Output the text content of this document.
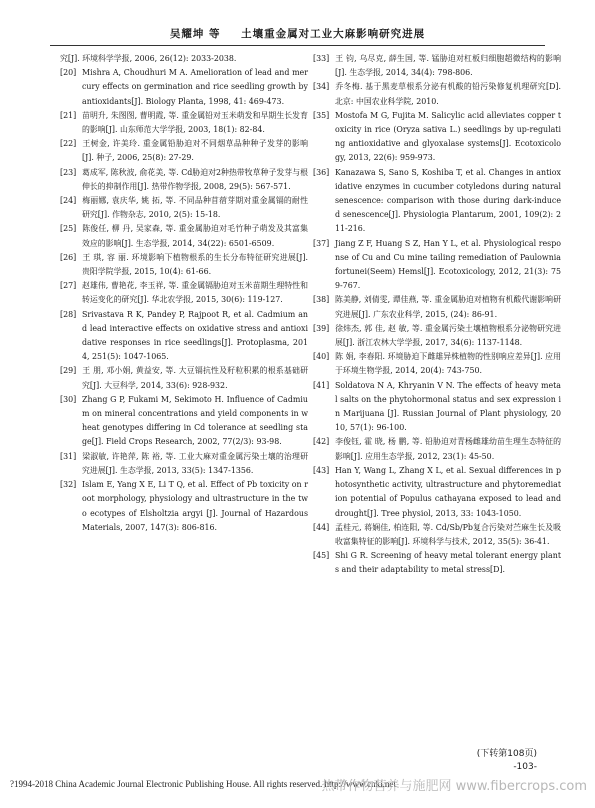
吴耀坤 等 土壤重金属对工业大麻影响研究进展
究[J]. 环境科学学报, 2006, 26(12): 2033-2038.
[20] Mishra A, Choudhuri M A. Amelioration of lead and mercury effects on germination and rice seedling growth by antioxidants[J]. Biology Planta, 1998, 41: 469-473.
[21] 苗明升, 朱图图, 曹明霞, 等. 重金属铅对玉米萌发和早期生长发育的影响[J]. 山东师范大学学报, 2003, 18(1): 82-84.
[22] 王树金, 许美玲. 重金属铅胁迫对不同烟草品种种子发芽的影响[J]. 种子, 2006, 25(8): 27-29.
[23] 葛成军, 陈秋波, 俞花美, 等. Cd胁迫对2种热带牧草种子发芽与根伸长的抑制作用[J]. 热带作物学报, 2008, 29(5): 567-571.
[24] 梅丽娜, 袁庆华, 姚 拓, 等. 不同品种苜蓿芽期对重金属镉的耐性研究[J]. 作物杂志, 2010, 2(5): 15-18.
[25] 陈俊任, 柳 丹, 吴家森, 等. 重金属胁迫对毛竹种子萌发及其富集效应的影响[J]. 生态学报, 2014, 34(22): 6501-6509.
[26] 王 琪, 容 丽. 环境影响下植物根系的生长分布特征研究进展[J]. 贵阳学院学报, 2015, 10(4): 61-66.
[27] 赵雄伟, 曹艳花, 李玉祥, 等. 重金属镉胁迫对玉米苗期生理特性和转运变化的研究[J]. 华北农学报, 2015, 30(6): 119-127.
[28] Srivastava R K, Pandey P, Rajpoot R, et al. Cadmium and lead interactive effects on oxidative stress and antioxidative responses in rice seedlings[J]. Protoplasma, 2014, 251(5): 1047-1065.
[29] 王 朋, 邓小娟, 黄益安, 等. 大豆镉抗性及籽粒积累的根系基础研究[J]. 大豆科学, 2014, 33(6): 928-932.
[30] Zhang G P, Fukami M, Sekimoto H. Influence of Cadmium on mineral concentrations and yield components in wheat genotypes differing in Cd tolerance at seedling stage[J]. Field Crops Research, 2002, 77(2/3): 93-98.
[31] 梁淑敏, 许艳萍, 陈 裕, 等. 工业大麻对重金属污染土壤的治理研究进展[J]. 生态学报, 2013, 33(5): 1347-1356.
[32] Islam E, Yang X E, Li T Q, et al. Effect of Pb toxicity on root morphology, physiology and ultrastructure in the two ecotypes of Elsholtzia argyi [J]. Journal of Hazardous Materials, 2007, 147(3): 806-816.
[33] 王 钧, 乌尽克, 薛生国, 等. 锰胁迫对杠板归细胞超微结构的影响[J]. 生态学报, 2014, 34(4): 798-806.
[34] 乔冬梅. 基于黑麦草根系分泌有机酸的铅污染修复机理研究[D]. 北京: 中国农业科学院, 2010.
[35] Mostofa M G, Fujita M. Salicylic acid alleviates copper toxicity in rice (Oryza sativa L.) seedlings by up-regulating antioxidative and glyoxalase systems[J]. Ecotoxicology, 2013, 22(6): 959-973.
[36] Kanazawa S, Sano S, Koshiba T, et al. Changes in antioxidative enzymes in cucumber cotyledons during natural senescence: comparison with those during dark-induced senescence[J]. Physiologia Plantarum, 2001, 109(2): 211-216.
[37] Jiang Z F, Huang S Z, Han Y L, et al. Physiological response of Cu and Cu mine tailing remediation of Paulownia fortunei(Seem) Hemsl[J]. Ecotoxicology, 2012, 21(3): 759-767.
[38] 陈美静, 刘倩雯, 谭佳燕, 等. 重金属胁迫对植物有机酸代谢影响研究进展[J]. 广东农业科学, 2015, (24): 86-91.
[39] 徐炜杰, 郭 佳, 赵 敏, 等. 重金属污染土壤植物根系分泌物研究进展[J]. 浙江农林大学学报, 2017, 34(6): 1137-1148.
[40] 陈 娟, 李春阳. 环境胁迫下雌雄异株植物的性别响应差异[J]. 应用于环境生物学报, 2014, 20(4): 743-750.
[41] Soldatova N A, Khryanin V N. The effects of heavy metal salts on the phytohormonal status and sex expression in Marijuana [J]. Russian Journal of Plant physiology, 2010, 57(1): 96-100.
[42] 李俊钰, 霍 晓, 杨 鹏, 等. 铅胁迫对青杨雌雄幼苗生理生态特征的影响[J]. 应用生态学报, 2012, 23(1): 45-50.
[43] Han Y, Wang L, Zhang X L, et al. Sexual differences in photosynthetic activity, ultrastructure and phytoremediation potential of Populus cathayana exposed to lead and drought[J]. Tree physiol, 2013, 33: 1043-1050.
[44] 孟桂元, 蒋娴佳, 柏连阳, 等. Cd/Sb/Pb复合污染对苎麻生长及吸收富集特征的影响[J]. 环境科学与技术, 2012, 35(5): 36-41.
[45] Shi G R. Screening of heavy metal tolerant energy plants and their adaptability to metal stress[D].
(下转第108页)
-103-
?1994-2018 China Academic Journal Electronic Publishing House. All rights reserved. http://www.cnki.net
热带作物营养与施肥网 www.fibercrops.com
